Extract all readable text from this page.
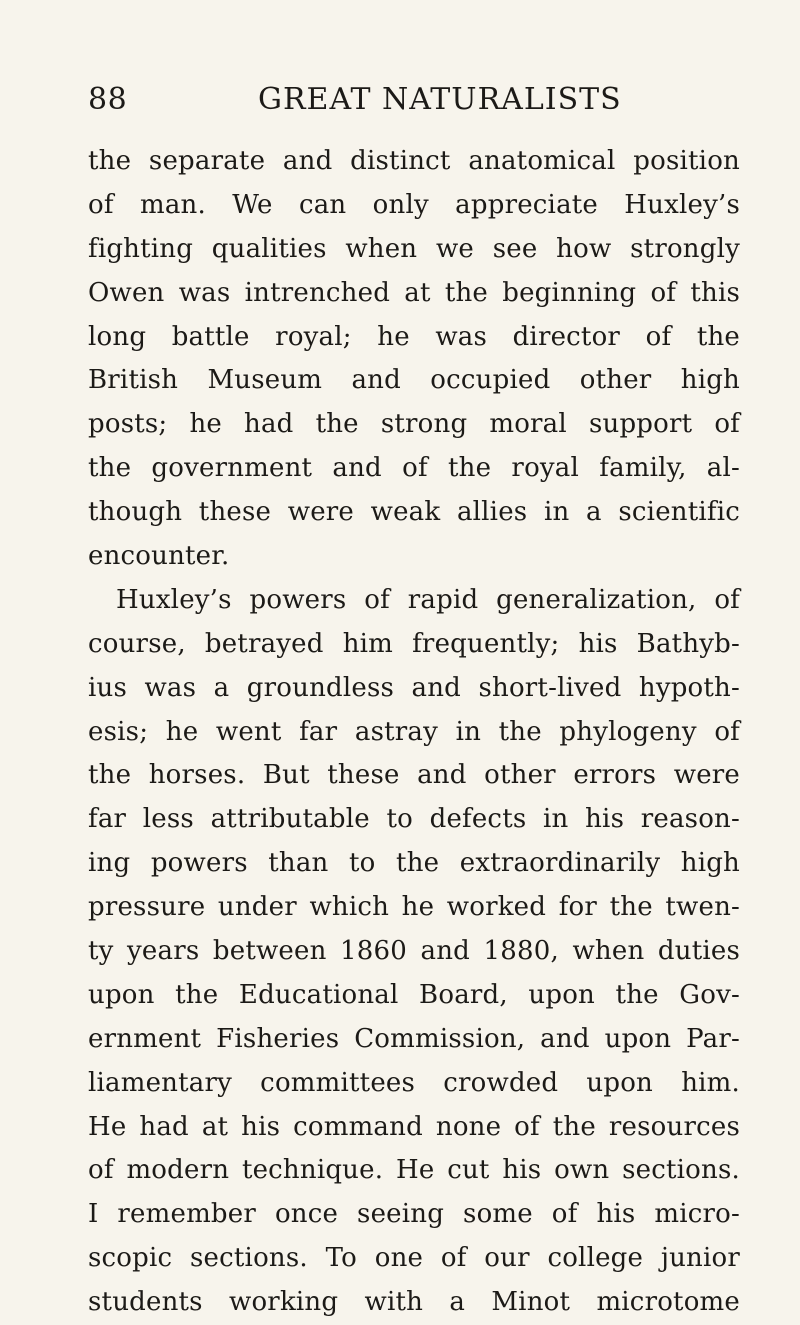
88	GREAT NATURALISTS
the separate and distinct anatomical position
of man. We can only appreciate Huxley’s
fighting qualities when we see how strongly
Owen was intrenched at the beginning of this
long battle royal; he was director of the
British Museum and occupied other high
posts; he had the strong moral support of
the government and of the royal family, al-
though these were weak allies in a scientific
encounter.
Huxley’s powers of rapid generalization, of
course, betrayed him frequently; his Bathyb-
ius was a groundless and short-lived hypoth-
esis; he went far astray in the phylogeny of
the horses. But these and other errors were
far less attributable to defects in his reason-
ing powers than to the extraordinarily high
pressure under which he worked for the twen-
ty years between 1860 and 1880, when duties
upon the Educational Board, upon the Gov-
ernment Fisheries Commission, and upon Par-
liamentary committees crowded upon him.
He had at his command none of the resources
of modern technique. He cut his own sections.
I remember once seeing some of his micro-
scopic sections. To one of our college junior
students working with a Minot microtome
